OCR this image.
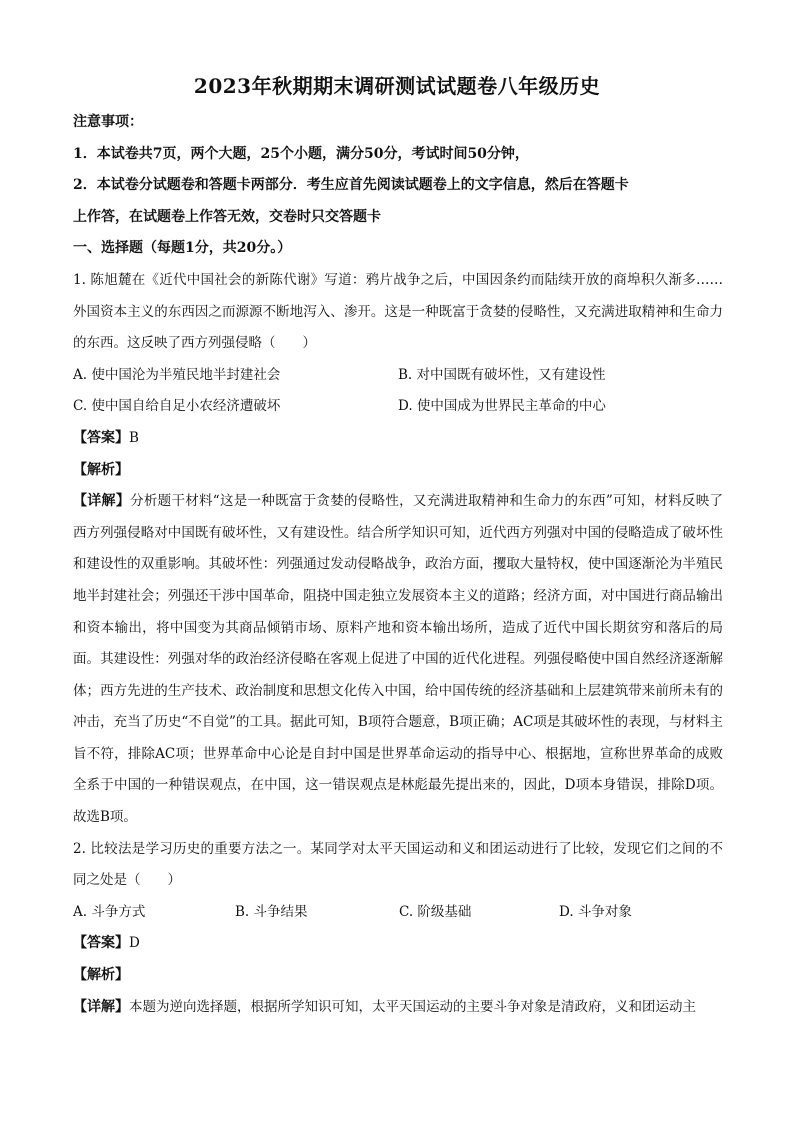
2023年秋期期末调研测试试题卷八年级历史

注意事项：

1．本试卷共7页，两个大题，25个小题，满分50分，考试时间50分钟，

2．本试卷分试题卷和答题卡两部分．考生应首先阅读试题卷上的文字信息，然后在答题卡

上作答，在试题卷上作答无效，交卷时只交答题卡

一、选择题（每题1分，共20分。）

1. 陈旭麓在《近代中国社会的新陈代谢》写道：鸦片战争之后，中国因条约而陆续开放的商埠积久渐多……外国资本主义的东西因之而源源不断地泻入、渗开。这是一种既富于贪婪的侵略性，又充满进取精神和生命力的东西。这反映了西方列强侵略（　　）

A. 使中国沦为半殖民地半封建社会	B. 对中国既有破坏性，又有建设性
C. 使中国自给自足小农经济遭破坏	D. 使中国成为世界民主革命的中心

【答案】B

【解析】

【详解】分析题干材料“这是一种既富于贪婪的侵略性，又充满进取精神和生命力的东西”可知，材料反映了西方列强侵略对中国既有破坏性，又有建设性。结合所学知识可知，近代西方列强对中国的侵略造成了破坏性和建设性的双重影响。其破坏性：列强通过发动侵略战争，政治方面，攫取大量特权，使中国逐渐沦为半殖民地半封建社会；列强还干涉中国革命，阻挠中国走独立发展资本主义的道路；经济方面，对中国进行商品输出和资本输出，将中国变为其商品倾销市场、原料产地和资本输出场所，造成了近代中国长期贫穷和落后的局面。其建设性：列强对华的政治经济侵略在客观上促进了中国的近代化进程。列强侵略使中国自然经济逐渐解体；西方先进的生产技术、政治制度和思想文化传入中国，给中国传统的经济基础和上层建筑带来前所未有的冲击，充当了历史“不自觉”的工具。据此可知，B项符合题意，B项正确；AC项是其破坏性的表现，与材料主旨不符，排除AC项；世界革命中心论是自封中国是世界革命运动的指导中心、根据地，宣称世界革命的成败全系于中国的一种错误观点，在中国，这一错误观点是林彪最先提出来的，因此，D项本身错误，排除D项。故选B项。

2. 比较法是学习历史的重要方法之一。某同学对太平天国运动和义和团运动进行了比较，发现它们之间的不同之处是（　　）

A. 斗争方式	B. 斗争结果	C. 阶级基础	D. 斗争对象

【答案】D

【解析】

【详解】本题为逆向选择题，根据所学知识可知，太平天国运动的主要斗争对象是清政府，义和团运动主
